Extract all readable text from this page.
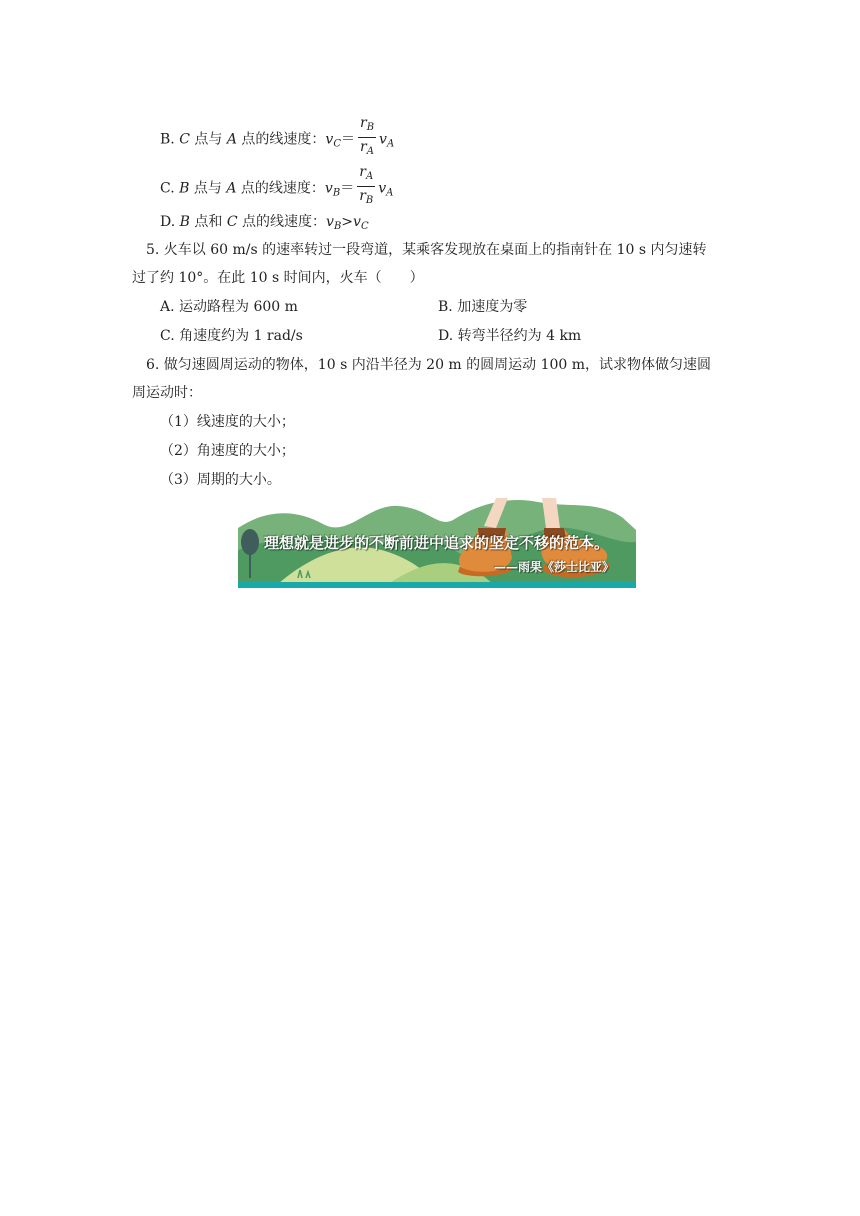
B. C 点与 A 点的线速度：$v_C= \frac{r_B}{r_A} v_A$
C. B 点与 A 点的线速度：$v_B= \frac{r_A}{r_B} v_A$
D. B 点和 C 点的线速度：$v_B>v_C$
5. 火车以 60 m/s 的速率转过一段弯道，某乘客发现放在桌面上的指南针在 10 s 内匀速转
过了约 10°。在此 10 s 时间内，火车（　　）
A. 运动路程为 600 m	B. 加速度为零
C. 角速度约为 1 rad/s	D. 转弯半径约为 4 km
6. 做匀速圆周运动的物体，10 s 内沿半径为 20 m 的圆周运动 100 m，试求物体做匀速圆
周运动时：
（1）线速度的大小；
（2）角速度的大小；
（3）周期的大小。
理想就是进步的不断前进中追求的坚定不移的范本。
——雨果《莎士比亚》
